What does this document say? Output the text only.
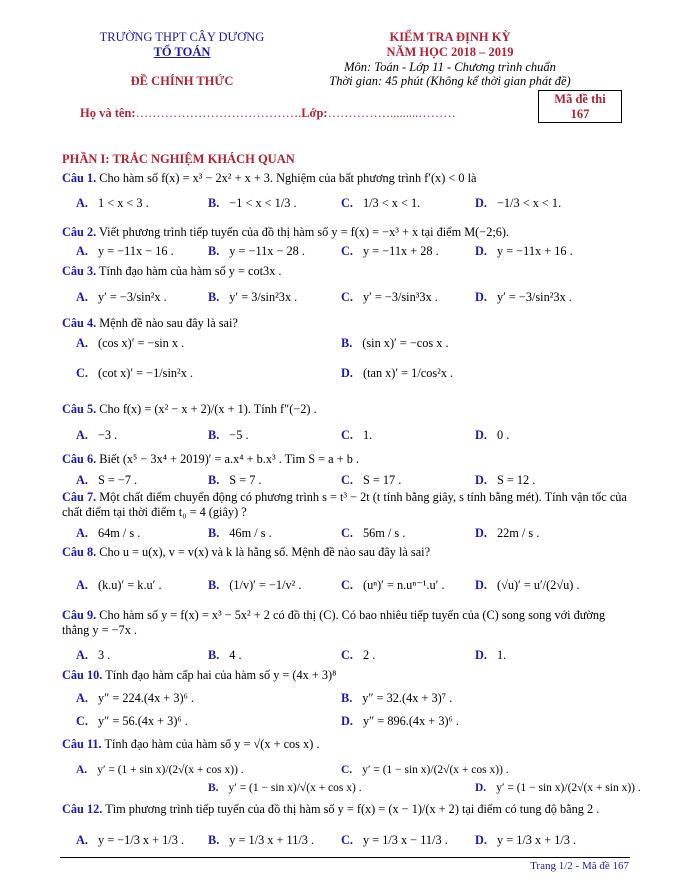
TRƯỜNG THPT CÂY DƯƠNG
TỔ TOÁN
ĐỀ CHÍNH THỨC
KIỂM TRA ĐỊNH KỲ
NĂM HỌC 2018 – 2019
Môn: Toán - Lớp 11 - Chương trình chuẩn
Thời gian: 45 phút (Không kể thời gian phát đề)
Mã đề thi
167
Họ và tên:………………………………….Lớp:…………….........………
PHẦN I: TRẮC NGHIỆM KHÁCH QUAN
Câu 1. Cho hàm số f(x) = x³ − 2x² + x + 3. Nghiệm của bất phương trình f′(x) < 0 là
A. 1 < x < 3 .	B. −1 < x < 1/3 .	C. 1/3 < x < 1.	D. −1/3 < x < 1.
Câu 2. Viết phương trình tiếp tuyến của đồ thị hàm số y = f(x) = −x³ + x tại điểm M(−2;6).
A. y = −11x − 16 .	B. y = −11x − 28 .	C. y = −11x + 28 .	D. y = −11x + 16 .
Câu 3. Tính đạo hàm của hàm số y = cot3x .
A. y′ = −3/sin²x .	B. y′ = 3/sin²3x .	C. y′ = −3/sin³3x .	D. y′ = −3/sin²3x .
Câu 4. Mệnh đề nào sau đây là sai?
A. (cos x)′ = −sin x .	B. (sin x)′ = −cos x .
C. (cot x)′ = −1/sin²x .	D. (tan x)′ = 1/cos²x .
Câu 5. Cho f(x) = (x² − x + 2)/(x + 1). Tính f″(−2) .
A. −3 .	B. −5 .	C. 1.	D. 0 .
Câu 6. Biết (x⁵ − 3x⁴ + 2019)′ = a.x⁴ + b.x³ . Tìm S = a + b .
A. S = −7 .	B. S = 7 .	C. S = 17 .	D. S = 12 .
Câu 7. Một chất điểm chuyển động có phương trình s = t³ − 2t (t tính bằng giây, s tính bằng mét). Tính vận tốc của chất điểm tại thời điểm t₀ = 4 (giây) ?
A. 64m / s .	B. 46m / s .	C. 56m / s .	D. 22m / s .
Câu 8. Cho u = u(x), v = v(x) và k là hằng số. Mệnh đề nào sau đây là sai?
A. (k.u)′ = k.u′ .	B. (1/v)′ = −1/v² .	C. (uⁿ)′ = n.uⁿ⁻¹.u′ . D. (√u)′ = u′/(2√u) .
Câu 9. Cho hàm số y = f(x) = x³ − 5x² + 2 có đồ thị (C). Có bao nhiêu tiếp tuyến của (C) song song với đường thẳng y = −7x .
A. 3 .	B. 4 .	C. 2 .	D. 1.
Câu 10. Tính đạo hàm cấp hai của hàm số y = (4x + 3)⁸
A. y″ = 224.(4x + 3)⁶ .	B. y″ = 32.(4x + 3)⁷ .
C. y″ = 56.(4x + 3)⁶ .	D. y″ = 896.(4x + 3)⁶ .
Câu 11. Tính đạo hàm của hàm số y = √(x + cos x) .
A. y′ = (1 + sin x)/(2√(x + cos x)) .
B. y′ = (1 − sin x)/√(x + cos x) .
C. y′ = (1 − sin x)/(2√(x + cos x)) .
D. y′ = (1 − sin x)/(2√(x + sin x)) .
Câu 12. Tìm phương trình tiếp tuyến của đồ thị hàm số y = f(x) = (x − 1)/(x + 2) tại điểm có tung độ bằng 2 .
A. y = −1/3 x + 1/3 . B. y = 1/3 x + 11/3 . C. y = 1/3 x − 11/3 . D. y = 1/3 x + 1/3 .
Trang 1/2 - Mã đề 167
